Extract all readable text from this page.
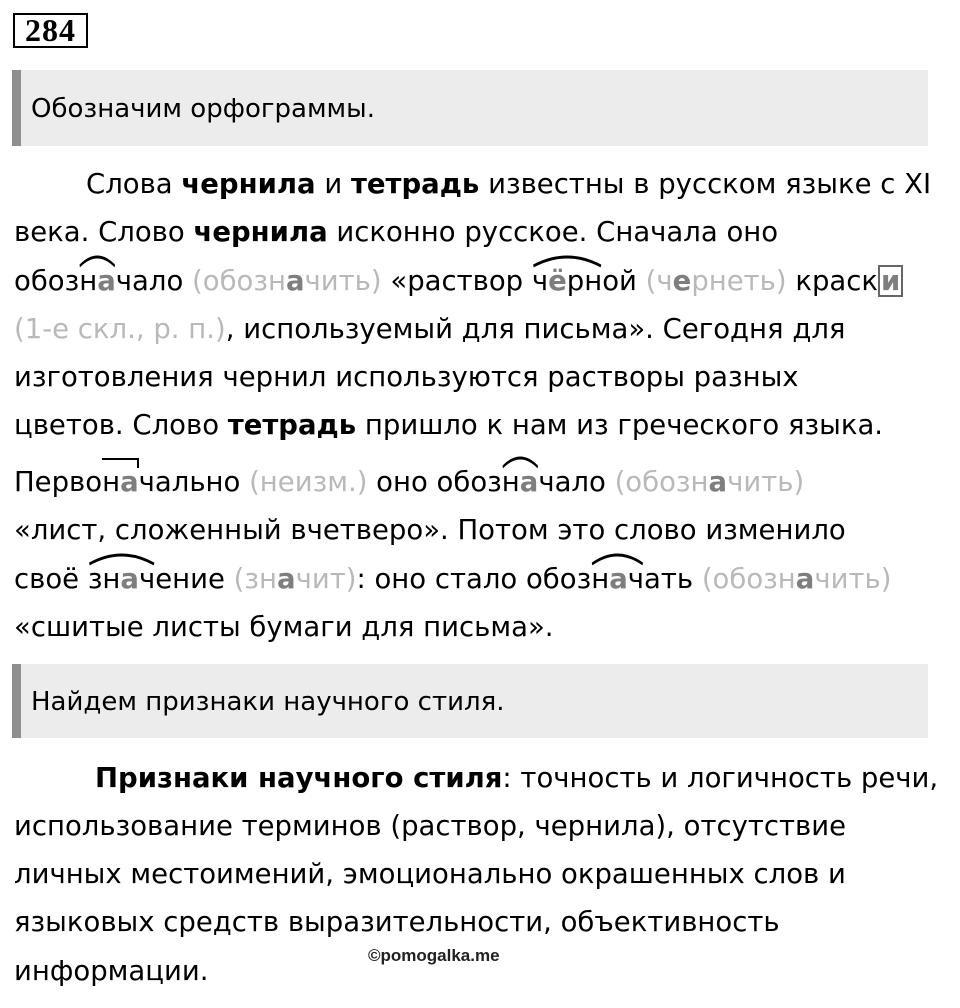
284
Обозначим орфограммы.
Слова чернила и тетрадь известны в русском языке с XI
века. Слово чернила исконно русское. Сначала оно
обоз
начало (обозначить) «раствор
чёрной (чернеть) краск и
(1-е скл., р. п.), используемый для письма». Сегодня для
изготовления чернил используются растворы разных
цветов. Слово тетрадь пришло к нам из греческого языка.
Первоначально (неизм.) оно обоз
начало (обозначить)
«лист, сложенный вчетверо». Потом это слово изменило
своё
значение (значит): оно стало обоз
начать (обозначить)
«сшитые листы бумаги для письма».
Найдем признаки научного стиля.
Признаки научного стиля: точность и логичность речи,
использование терминов (раствор, чернила), отсутствие
личных местоимений, эмоционально окрашенных слов и
языковых средств выразительности, объективность
информации.	©pomogalka.me
